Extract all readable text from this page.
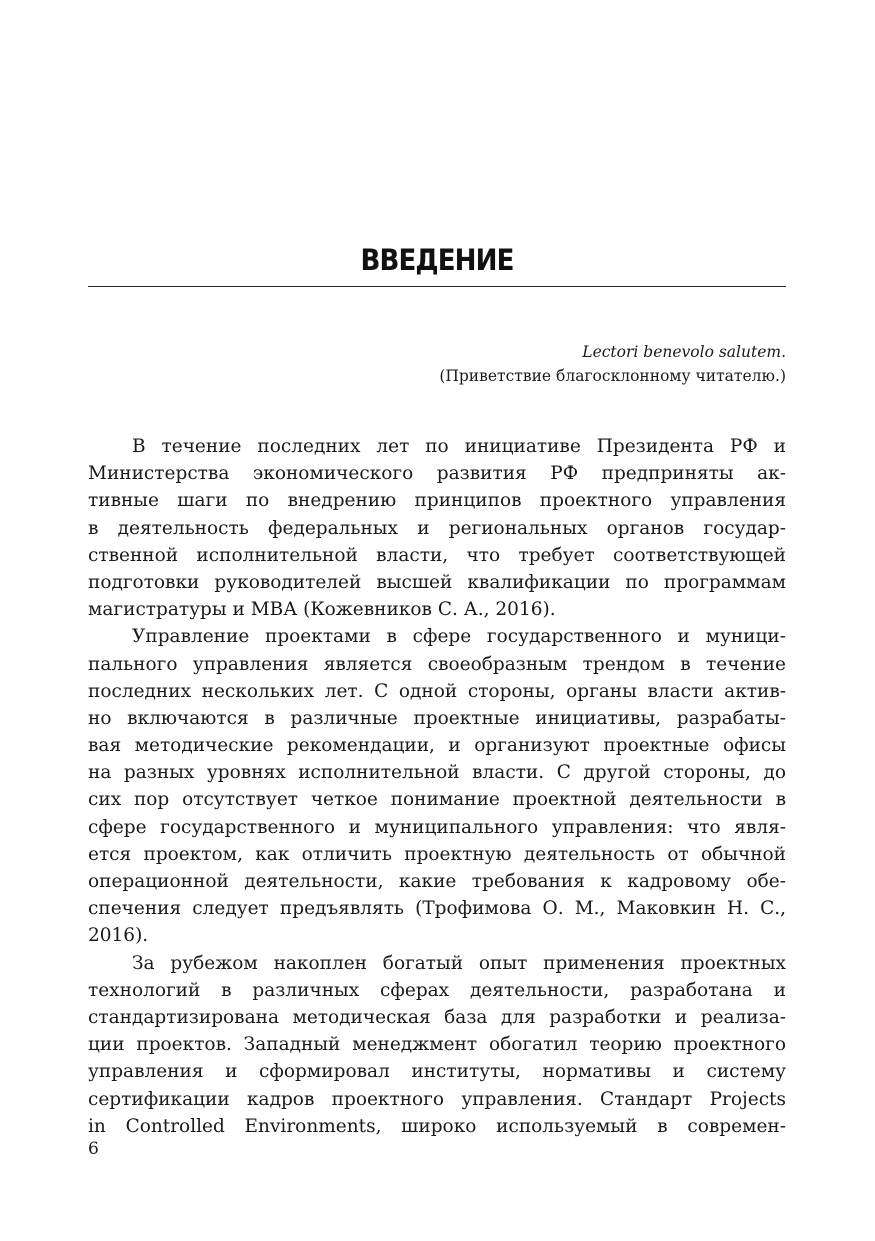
ВВЕДЕНИЕ
Lectori benevolo salutem.
(Приветствие благосклонному читателю.)
В течение последних лет по инициативе Президента РФ и
Министерства экономического развития РФ предприняты ак-
тивные шаги по внедрению принципов проектного управления
в деятельность федеральных и региональных органов государ-
ственной исполнительной власти, что требует соответствующей
подготовки руководителей высшей квалификации по программам
магистратуры и МВА (Кожевников С. А., 2016).
Управление проектами в сфере государственного и муници-
пального управления является своеобразным трендом в течение
последних нескольких лет. С одной стороны, органы власти актив-
но включаются в различные проектные инициативы, разрабаты-
вая методические рекомендации, и организуют проектные офисы
на разных уровнях исполнительной власти. С другой стороны, до
сих пор отсутствует четкое понимание проектной деятельности в
сфере государственного и муниципального управления: что явля-
ется проектом, как отличить проектную деятельность от обычной
операционной деятельности, какие требования к кадровому обе-
спечения следует предъявлять (Трофимова О. М., Маковкин Н. С.,
2016).
За рубежом накоплен богатый опыт применения проектных
технологий в различных сферах деятельности, разработана и
стандартизирована методическая база для разработки и реализа-
ции проектов. Западный менеджмент обогатил теорию проектного
управления и сформировал институты, нормативы и систему
сертификации кадров проектного управления. Стандарт Projects
in Controlled Environments, широко используемый в современ-
6
